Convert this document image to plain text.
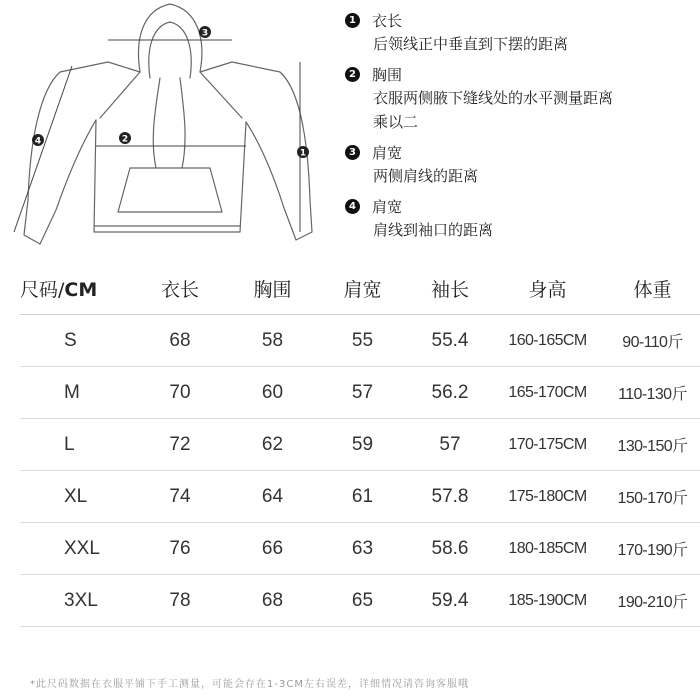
3
2
1
4
1 衣长
后领线正中垂直到下摆的距离
2 胸围
衣服两侧腋下缝线处的水平测量距离乘以二
3 肩宽
两侧肩线的距离
4 肩宽
肩线到袖口的距离
尺码/CM	衣长	胸围	肩宽	袖长	身高	体重
S	68	58	55	55.4	160-165CM	90-110斤
M	70	60	57	56.2	165-170CM	110-130斤
L	72	62	59	57	170-175CM	130-150斤
XL	74	64	61	57.8	175-180CM	150-170斤
XXL	76	66	63	58.6	180-185CM	170-190斤
3XL	78	68	65	59.4	185-190CM	190-210斤
*此尺码数据在衣服平铺下手工测量，可能会存在1-3CM左右误差，详细情况请咨询客服哦
